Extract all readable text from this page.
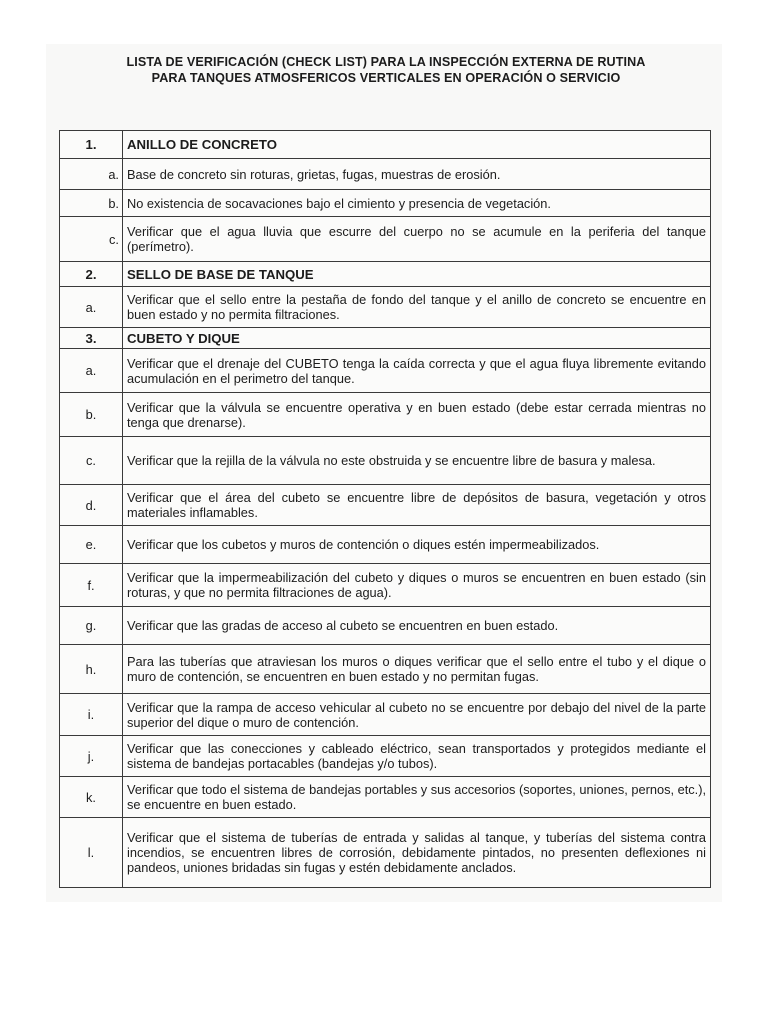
LISTA DE VERIFICACIÓN (CHECK LIST) PARA LA INSPECCIÓN EXTERNA DE RUTINA
PARA TANQUES ATMOSFERICOS VERTICALES EN OPERACIÓN O SERVICIO
1.	ANILLO DE CONCRETO
a.	Base de concreto sin roturas, grietas, fugas, muestras de erosión.
b.	No existencia de socavaciones bajo el cimiento y presencia de vegetación.
c.	Verificar que el agua lluvia que escurre del cuerpo no se acumule en la periferia del tanque (perímetro).
2.	SELLO DE BASE DE TANQUE
a.	Verificar que el sello entre la pestaña de fondo del tanque y el anillo de concreto se encuentre en buen estado y no permita filtraciones.
3.	CUBETO Y DIQUE
a.	Verificar que el drenaje del CUBETO tenga la caída correcta y que el agua fluya libremente evitando acumulación en el perimetro del tanque.
b.	Verificar que la válvula se encuentre operativa y en buen estado (debe estar cerrada mientras no tenga que drenarse).
c.	Verificar que la rejilla de la válvula no este obstruida y se encuentre libre de basura y malesa.
d.	Verificar que el área del cubeto se encuentre libre de depósitos de basura, vegetación y otros materiales inflamables.
e.	Verificar que los cubetos y muros de contención o diques estén impermeabilizados.
f.	Verificar que la impermeabilización del cubeto y diques o muros se encuentren en buen estado (sin roturas, y que no permita filtraciones de agua).
g.	Verificar que las gradas de acceso al cubeto se encuentren en buen estado.
h.	Para las tuberías que atraviesan los muros o diques verificar que el sello entre el tubo y el dique o muro de contención, se encuentren en buen estado y no permitan fugas.
i.	Verificar que la rampa de acceso vehicular al cubeto no se encuentre por debajo del nivel de la parte superior del dique o muro de contención.
j.	Verificar que las conecciones y cableado eléctrico, sean transportados y protegidos mediante el sistema de bandejas portacables (bandejas y/o tubos).
k.	Verificar que todo el sistema de bandejas portables y sus accesorios (soportes, uniones, pernos, etc.), se encuentre en buen estado.
l.	Verificar que el sistema de tuberías de entrada y salidas al tanque, y tuberías del sistema contra incendios, se encuentren libres de corrosión, debidamente pintados, no presenten deflexiones ni pandeos, uniones bridadas sin fugas y estén debidamente anclados.
